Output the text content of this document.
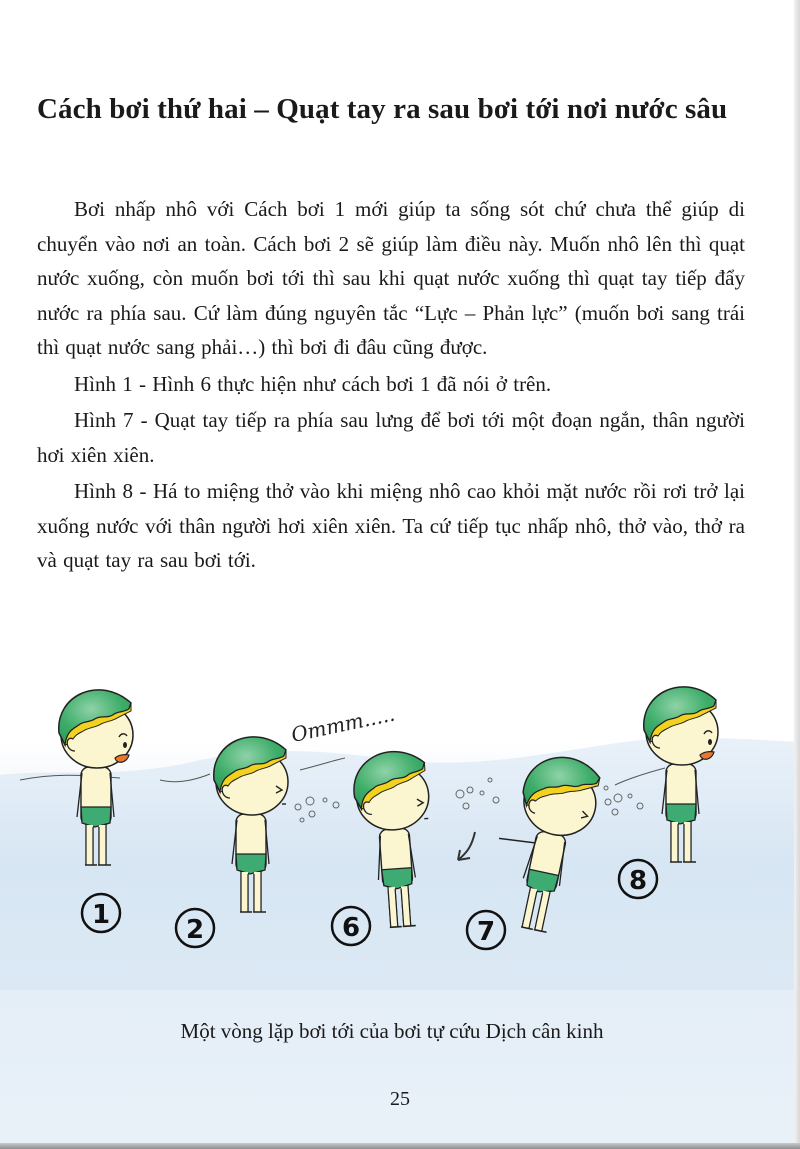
Cách bơi thứ hai – Quạt tay ra sau bơi tới nơi nước sâu

Bơi nhấp nhô với Cách bơi 1 mới giúp ta sống sót chứ chưa thể giúp di chuyển vào nơi an toàn. Cách bơi 2 sẽ giúp làm điều này. Muốn nhô lên thì quạt nước xuống, còn muốn bơi tới thì sau khi quạt nước xuống thì quạt tay tiếp đẩy nước ra phía sau. Cứ làm đúng nguyên tắc “Lực – Phản lực” (muốn bơi sang trái thì quạt nước sang phải…) thì bơi đi đâu cũng được.

Hình 1 - Hình 6 thực hiện như cách bơi 1 đã nói ở trên.

Hình 7 - Quạt tay tiếp ra phía sau lưng để bơi tới một đoạn ngắn, thân người hơi xiên xiên.

Hình 8 - Há to miệng thở vào khi miệng nhô cao khỏi mặt nước rồi rơi trở lại xuống nước với thân người hơi xiên xiên. Ta cứ tiếp tục nhấp nhô, thở vào, thở ra và quạt tay ra sau bơi tới.

Ommm.....
1	2	6	7
8
Một vòng lặp bơi tới của bơi tự cứu Dịch cân kinh
25
